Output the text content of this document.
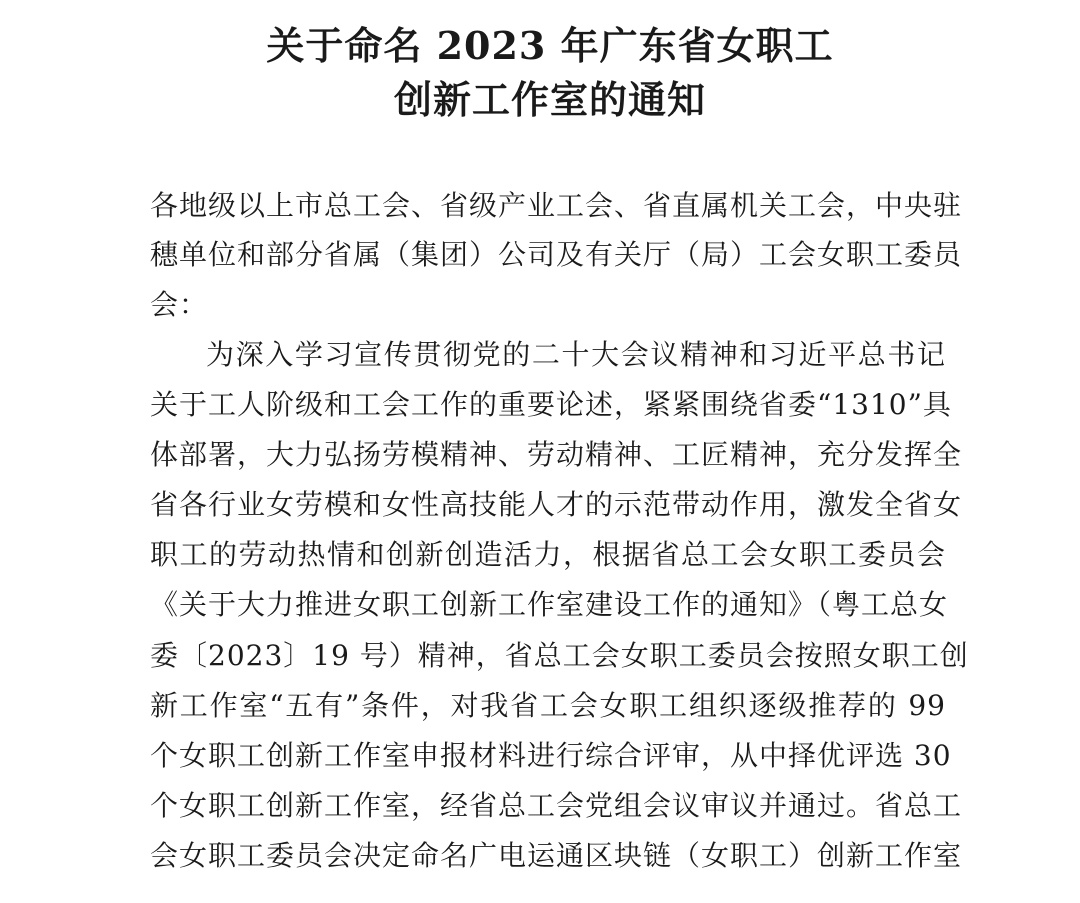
关于命名 2023 年广东省女职工
创新工作室的通知
各地级以上市总工会、省级产业工会、省直属机关工会，中央驻
穗单位和部分省属（集团）公司及有关厅（局）工会女职工委员
会：
为深入学习宣传贯彻党的二十大会议精神和习近平总书记
关于工人阶级和工会工作的重要论述，紧紧围绕省委“1310”具
体部署，大力弘扬劳模精神、劳动精神、工匠精神，充分发挥全
省各行业女劳模和女性高技能人才的示范带动作用，激发全省女
职工的劳动热情和创新创造活力，根据省总工会女职工委员会
《关于大力推进女职工创新工作室建设工作的通知》（粤工总女
委〔2023〕19 号）精神，省总工会女职工委员会按照女职工创
新工作室“五有”条件，对我省工会女职工组织逐级推荐的 99
个女职工创新工作室申报材料进行综合评审，从中择优评选 30
个女职工创新工作室，经省总工会党组会议审议并通过。省总工
会女职工委员会决定命名广电运通区块链（女职工）创新工作室
